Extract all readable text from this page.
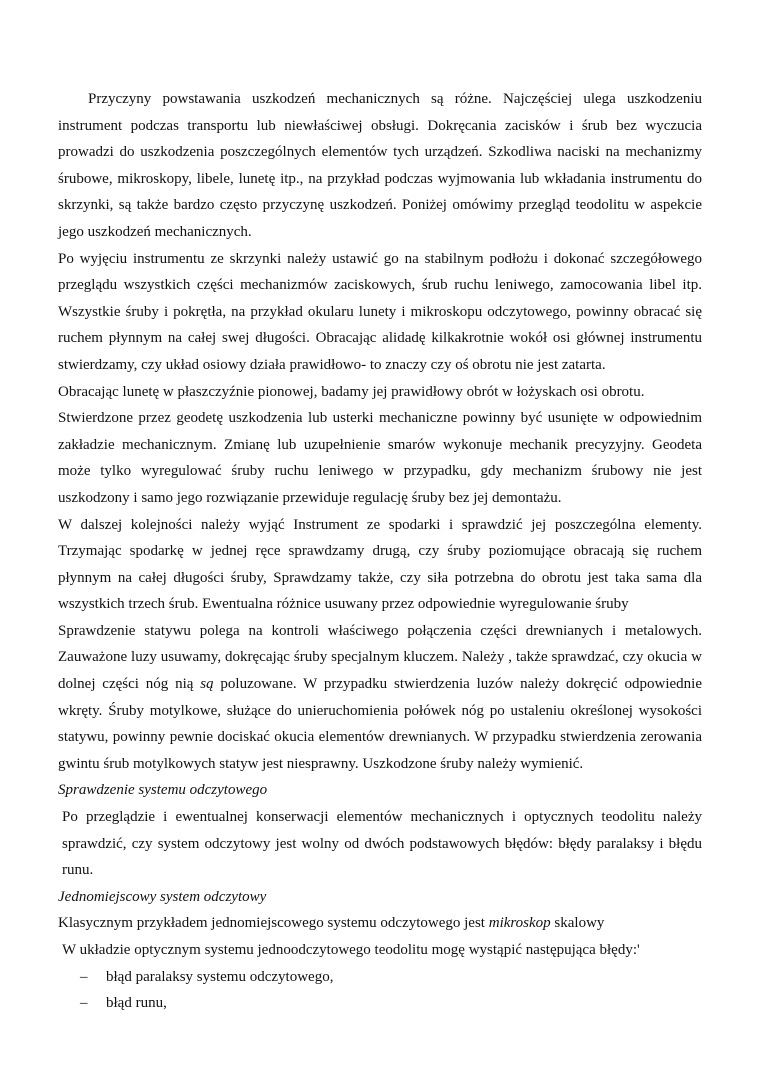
Przyczyny powstawania uszkodzeń mechanicznych są różne. Najczęściej ulega uszkodzeniu instrument podczas transportu lub niewłaściwej obsługi. Dokręcania zacisków i śrub bez wyczucia prowadzi do uszkodzenia poszczególnych elementów tych urządzeń. Szkodliwa naciski na mechanizmy śrubowe, mikroskopy, libele, lunetę itp., na przykład podczas wyjmowania lub wkładania instrumentu do skrzynki, są także bardzo często przyczynę uszkodzeń. Poniżej omówimy przegląd teodolitu w aspekcie jego uszkodzeń mechanicznych.

Po wyjęciu instrumentu ze skrzynki należy ustawić go na stabilnym podłożu i dokonać szczegółowego przeglądu wszystkich części mechanizmów zaciskowych, śrub ruchu leniwego, zamocowania libel itp. Wszystkie śruby i pokrętła, na przykład okularu lunety i mikroskopu odczytowego, powinny obracać się ruchem płynnym na całej swej długości. Obracając alidadę kilkakrotnie wokół osi głównej instrumentu stwierdzamy, czy układ osiowy działa prawidłowo- to znaczy czy oś obrotu nie jest zatarta.

Obracając lunetę w płaszczyźnie pionowej, badamy jej prawidłowy obrót w łożyskach osi obrotu.

Stwierdzone przez geodetę uszkodzenia lub usterki mechaniczne powinny być usunięte w odpowiednim zakładzie mechanicznym. Zmianę lub uzupełnienie smarów wykonuje mechanik precyzyjny. Geodeta może tylko wyregulować śruby ruchu leniwego w przypadku, gdy mechanizm śrubowy nie jest uszkodzony i samo jego rozwiązanie przewiduje regulację śruby bez jej demontażu.

W dalszej kolejności należy wyjąć Instrument ze spodarki i sprawdzić jej poszczególna elementy. Trzymając spodarkę w jednej ręce sprawdzamy drugą, czy śruby poziomujące obracają się ruchem płynnym na całej długości śruby, Sprawdzamy także, czy siła potrzebna do obrotu jest taka sama dla wszystkich trzech śrub. Ewentualna różnice usuwany przez odpowiednie wyregulowanie śruby

Sprawdzenie statywu polega na kontroli właściwego połączenia części drewnianych i metalowych. Zauważone luzy usuwamy, dokręcając śruby specjalnym kluczem. Należy , także sprawdzać, czy okucia w dolnej części nóg nią są poluzowane. W przypadku stwierdzenia luzów należy dokręcić odpowiednie wkręty. Śruby motylkowe, służące do unieruchomienia połówek nóg po ustaleniu określonej wysokości statywu, powinny pewnie dociskać okucia elementów drewnianych. W przypadku stwierdzenia zerowania gwintu śrub motylkowych statyw jest niesprawny. Uszkodzone śruby należy wymienić.

Sprawdzenie systemu odczytowego

Po przeglądzie i ewentualnej konserwacji elementów mechanicznych i optycznych teodolitu należy sprawdzić, czy system odczytowy jest wolny od dwóch podstawowych błędów: błędy paralaksy i błędu runu.

Jednomiejscowy system odczytowy

Klasycznym przykładem jednomiejscowego systemu odczytowego jest mikroskop skalowy

W układzie optycznym systemu jednoodczytowego teodolitu mogę wystąpić następująca błędy:'

– błąd paralaksy systemu odczytowego,
– błąd runu,
